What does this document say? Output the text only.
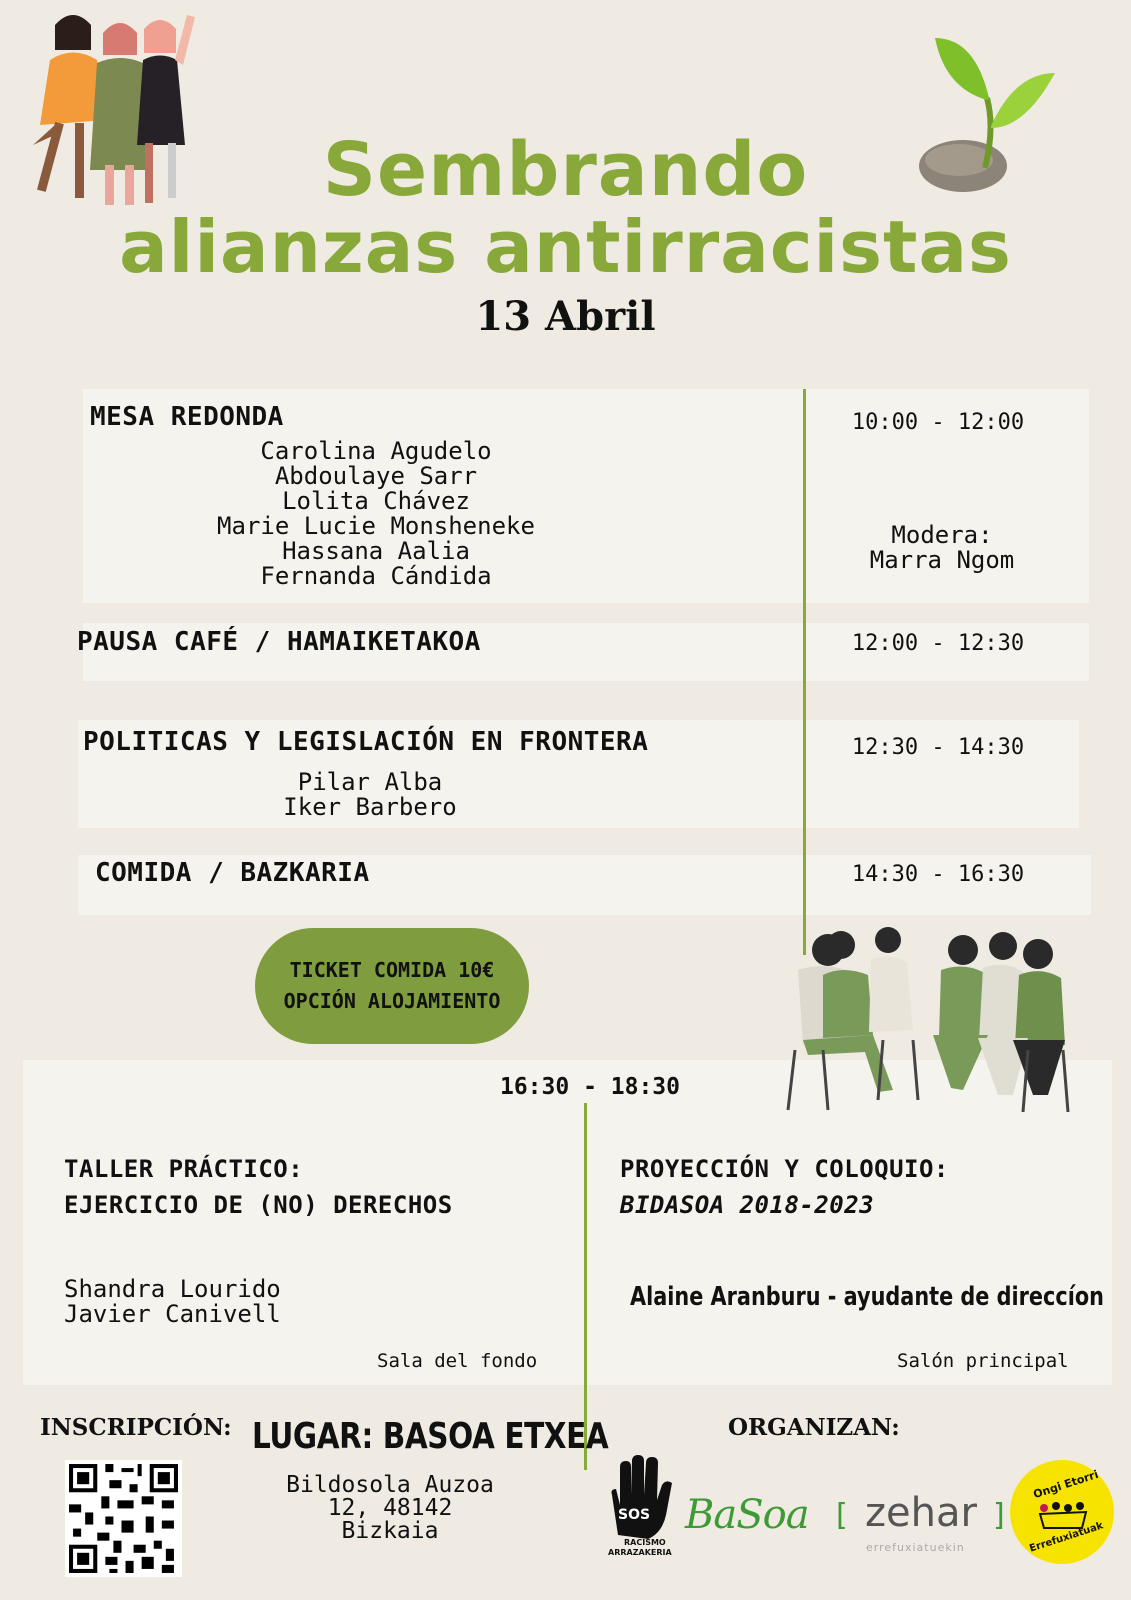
Sembrando
alianzas antirracistas
13 Abril
MESA REDONDA
Carolina Agudelo
Abdoulaye Sarr
Lolita Chávez
Marie Lucie Monsheneke
Hassana Aalia
Fernanda Cándida
10:00 - 12:00
Modera:
Marra Ngom
PAUSA CAFÉ / HAMAIKETAKOA	12:00 - 12:30
POLITICAS Y LEGISLACIÓN EN FRONTERA
Pilar Alba
Iker Barbero
12:30 - 14:30
COMIDA / BAZKARIA	14:30 - 16:30
TICKET COMIDA 10€
OPCIÓN ALOJAMIENTO
16:30 - 18:30
TALLER PRÁCTICO:
EJERCICIO DE (NO) DERECHOS
Shandra Lourido
Javier Canivell
Sala del fondo
PROYECCIÓN Y COLOQUIO:
BIDASOA 2018-2023
Alaine Aranburu - ayudante de direccíon
Salón principal
INSCRIPCIÓN: LUGAR: BASOA ETXEA
Bildosola Auzoa
12, 48142
Bizkaia
ORGANIZAN:
SOS
RACISMO
ARRAZAKERIA
BaSoa [ zehar ]
errefuxiatuekin
Ongi Etorri
Errefuxiatuak
